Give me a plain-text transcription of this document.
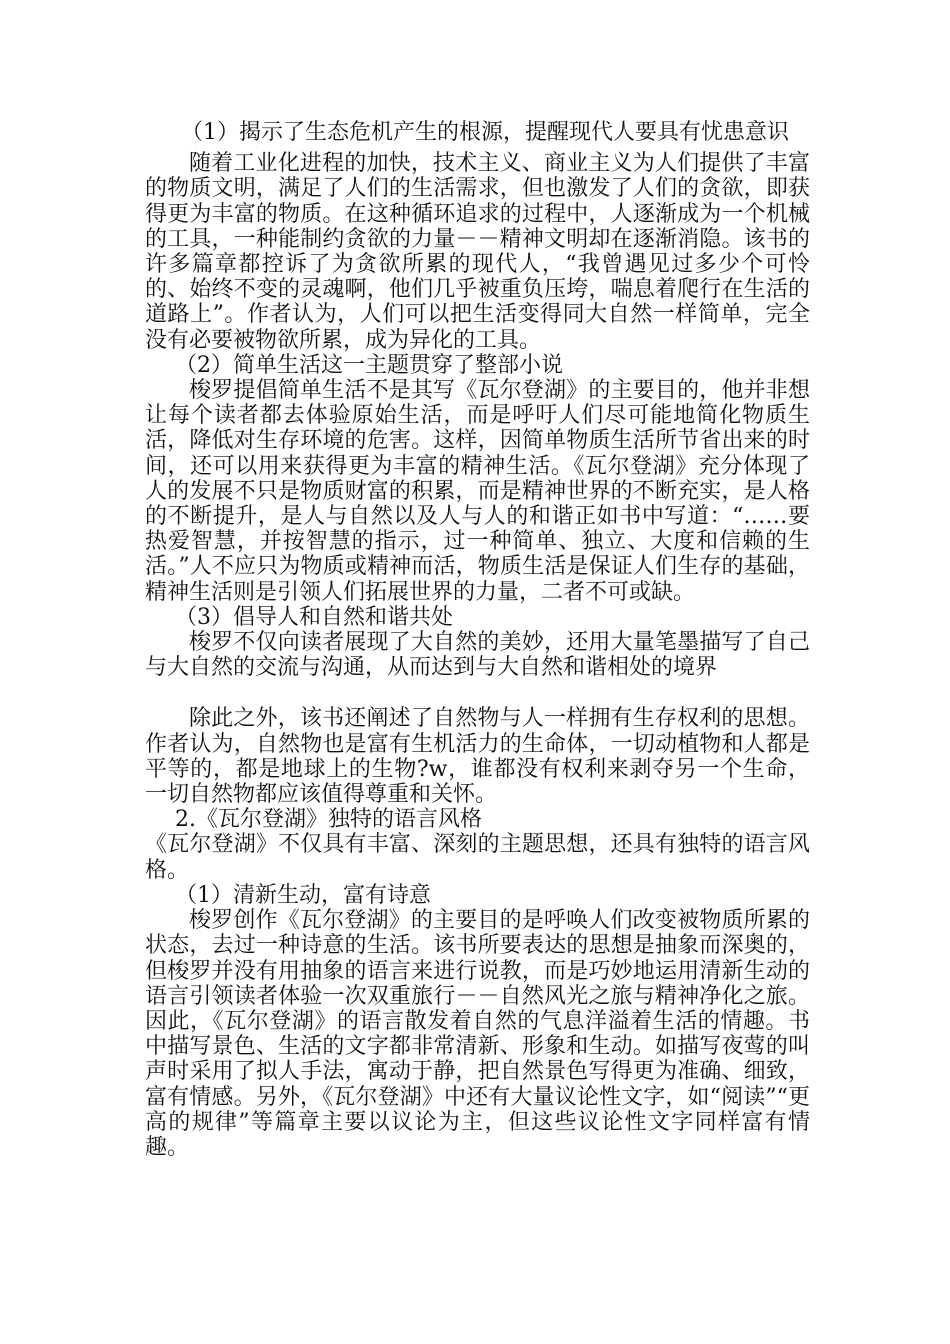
（1）揭示了生态危机产生的根源，提醒现代人要具有忧患意识

随着工业化进程的加快，技术主义、商业主义为人们提供了丰富的物质文明，满足了人们的生活需求，但也激发了人们的贪欲，即获得更为丰富的物质。在这种循环追求的过程中，人逐渐成为一个机械的工具，一种能制约贪欲的力量－－精神文明却在逐渐消隐。该书的许多篇章都控诉了为贪欲所累的现代人，“我曾遇见过多少个可怜的、始终不变的灵魂啊，他们几乎被重负压垮，喘息着爬行在生活的道路上”。作者认为，人们可以把生活变得同大自然一样简单，完全没有必要被物欲所累，成为异化的工具。

（2）简单生活这一主题贯穿了整部小说

梭罗提倡简单生活不是其写《瓦尔登湖》的主要目的，他并非想让每个读者都去体验原始生活，而是呼吁人们尽可能地简化物质生活，降低对生存环境的危害。这样，因简单物质生活所节省出来的时间，还可以用来获得更为丰富的精神生活。《瓦尔登湖》充分体现了人的发展不只是物质财富的积累，而是精神世界的不断充实，是人格的不断提升，是人与自然以及人与人的和谐正如书中写道：“……要热爱智慧，并按智慧的指示，过一种简单、独立、大度和信赖的生活。”人不应只为物质或精神而活，物质生活是保证人们生存的基础，精神生活则是引领人们拓展世界的力量，二者不可或缺。

（3）倡导人和自然和谐共处

梭罗不仅向读者展现了大自然的美妙，还用大量笔墨描写了自己与大自然的交流与沟通，从而达到与大自然和谐相处的境界

除此之外，该书还阐述了自然物与人一样拥有生存权利的思想。作者认为，自然物也是富有生机活力的生命体，一切动植物和人都是平等的，都是地球上的生物?w，谁都没有权利来剥夺另一个生命，一切自然物都应该值得尊重和关怀。

2.《瓦尔登湖》独特的语言风格

《瓦尔登湖》不仅具有丰富、深刻的主题思想，还具有独特的语言风格。

（1）清新生动，富有诗意

梭罗创作《瓦尔登湖》的主要目的是呼唤人们改变被物质所累的状态，去过一种诗意的生活。该书所要表达的思想是抽象而深奥的，但梭罗并没有用抽象的语言来进行说教，而是巧妙地运用清新生动的语言引领读者体验一次双重旅行－－自然风光之旅与精神净化之旅。因此，《瓦尔登湖》的语言散发着自然的气息洋溢着生活的情趣。书中描写景色、生活的文字都非常清新、形象和生动。如描写夜莺的叫声时采用了拟人手法，寓动于静，把自然景色写得更为准确、细致，富有情感。另外，《瓦尔登湖》中还有大量议论性文字，如“阅读”“更高的规律”等篇章主要以议论为主，但这些议论性文字同样富有情趣。
